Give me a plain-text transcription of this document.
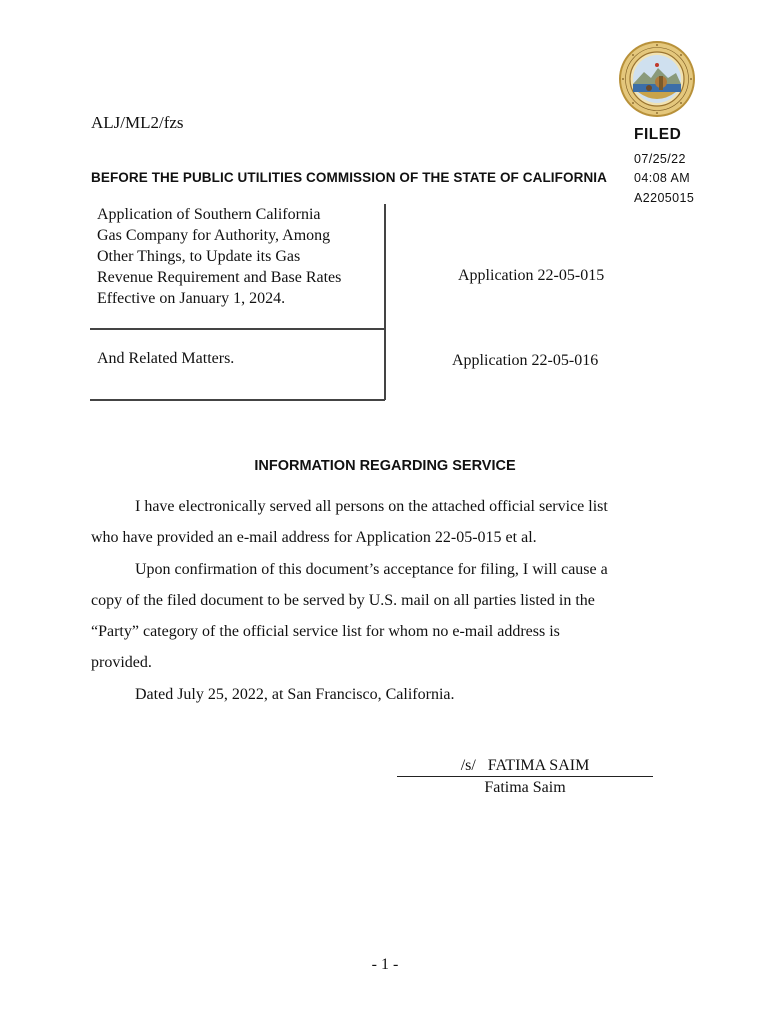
ALJ/ML2/fzs
FILED
07/25/22
04:08 AM
A2205015
BEFORE THE PUBLIC UTILITIES COMMISSION OF THE STATE OF CALIFORNIA
Application of Southern California
Gas Company for Authority, Among
Other Things, to Update its Gas
Revenue Requirement and Base Rates
Effective on January 1, 2024.
And Related Matters.
Application 22-05-015
Application 22-05-016
INFORMATION REGARDING SERVICE
I have electronically served all persons on the attached official service list
who have provided an e-mail address for Application 22-05-015 et al.
Upon confirmation of this document’s acceptance for filing, I will cause a
copy of the filed document to be served by U.S. mail on all parties listed in the
“Party” category of the official service list for whom no e-mail address is
provided.
Dated July 25, 2022, at San Francisco, California.
/s/   FATIMA SAIM
Fatima Saim
- 1 -
